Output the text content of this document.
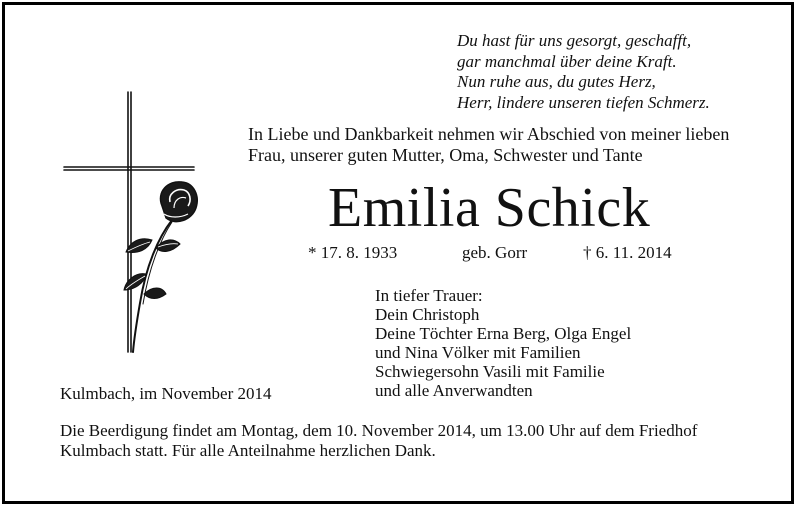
Du hast für uns gesorgt, geschafft,
gar manchmal über deine Kraft.
Nun ruhe aus, du gutes Herz,
Herr, lindere unseren tiefen Schmerz.
In Liebe und Dankbarkeit nehmen wir Abschied von meiner lieben
Frau, unserer guten Mutter, Oma, Schwester und Tante
Emilia Schick
* 17. 8. 1933	geb. Gorr	† 6. 11. 2014
In tiefer Trauer:
Dein Christoph
Deine Töchter Erna Berg, Olga Engel
und Nina Völker mit Familien
Schwiegersohn Vasili mit Familie
und alle Anverwandten
Kulmbach, im November 2014
Die Beerdigung findet am Montag, dem 10. November 2014, um 13.00 Uhr auf dem Friedhof
Kulmbach statt. Für alle Anteilnahme herzlichen Dank.
